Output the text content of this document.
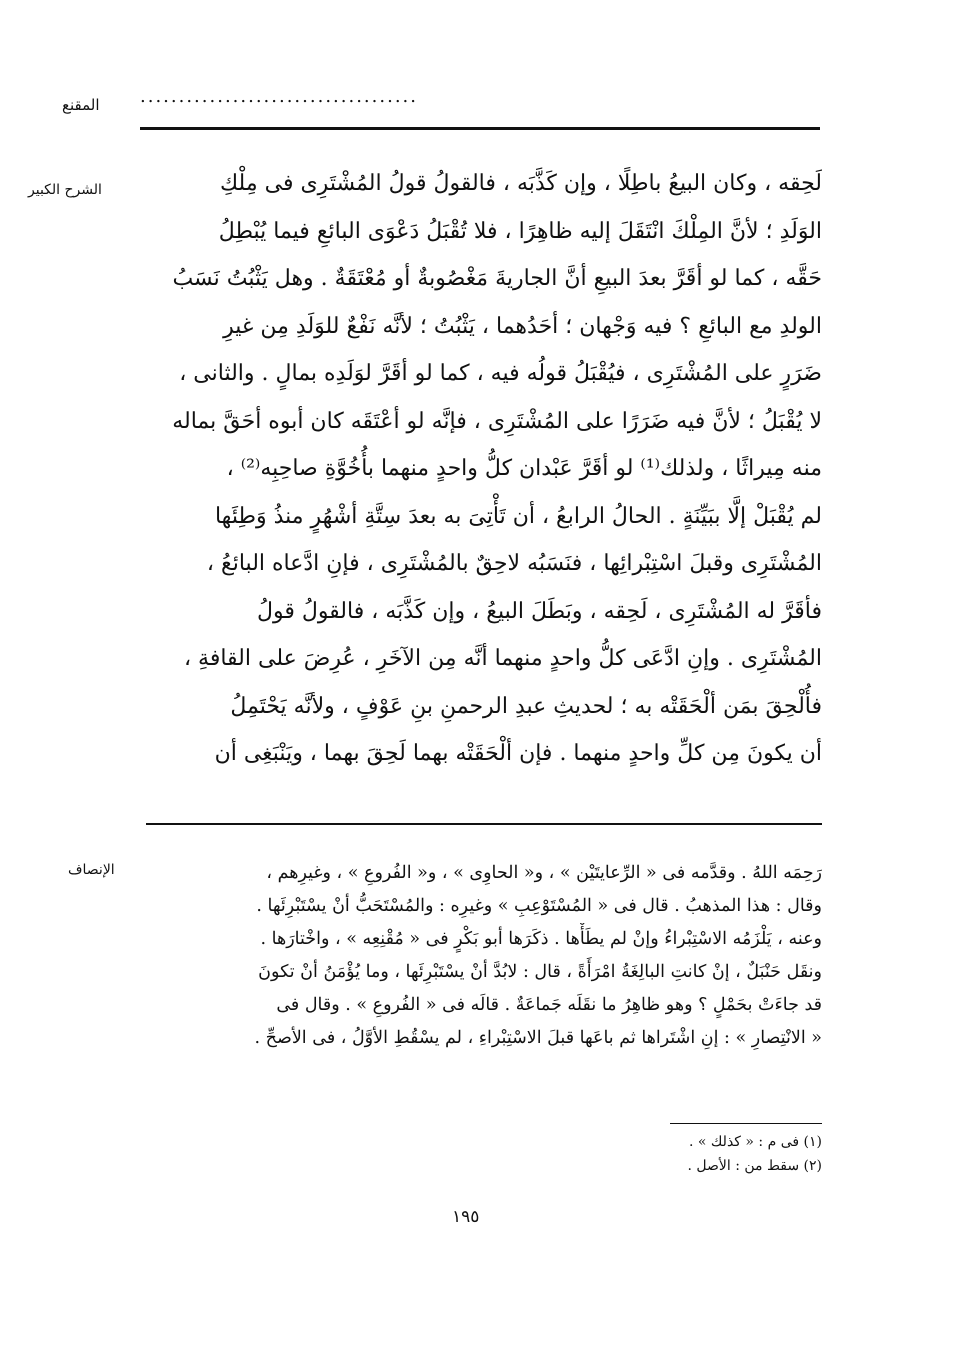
المقنع ....................................
الشرح الكبير	لَحِقه ، وكان البيعُ باطِلًا ، وإن كَذَّبَه ، فالقولُ قولُ المُشْتَرِى فى مِلْكِ
الوَلَدِ ؛ لأنَّ المِلْكَ انْتَقَلَ إليه ظاهِرًا ، فلا تُقْبَلُ دَعْوَى البائعِ فيما يُبْطِلُ
حَقَّه ، كما لو أقَرَّ بعدَ البيعِ أنَّ الجاريةَ مَغْصُوبةٌ أو مُعْتَقَةٌ . وهل يَثْبُتُ نَسَبُ
الولدِ مع البائعِ ؟ فيه وَجْهان ؛ أحَدُهما ، يَثْبُتُ ؛ لأنَّه نَفْعٌ للوَلَدِ مِن غيرِ
ضَرَرٍ على المُشْتَرِى ، فيُقْبَلُ قولُه فيه ، كما لو أقَرَّ لوَلَدِه بمالٍ . والثانى ،
لا يُقْبَلُ ؛ لأنَّ فيه ضَرَرًا على المُشْتَرِى ، فإنَّه لو أعْتَقَه كان أبوه أحَقَّ بماله
منه مِيراثًا ، ولذلك⁽¹⁾ لو أقَرَّ عَبْدان كلُّ واحدٍ منهما بأُخُوَّةِ صاحِبِه⁽²⁾ ،
لم يُقْبَلْ إلَّا ببَيِّنَةٍ . الحالُ الرابعُ ، أن تَأْتِىَ به بعدَ سِتَّةِ أشْهُرٍ منذُ وَطِئَها
المُشْتَرِى وقبلَ اسْتِبْرائِها ، فنَسَبُه لاحِقٌ بالمُشْتَرِى ، فإنِ ادَّعاه البائعُ ،
فأقَرَّ له المُشْتَرِى ، لَحِقه ، وبَطَلَ البيعُ ، وإن كَذَّبَه ، فالقولُ قولُ
المُشْتَرِى . وإنِ ادَّعَى كلُّ واحدٍ منهما أنَّه مِن الآخَرِ ، عُرِضَ على القافةِ ،
فأُلْحِقَ بمَن ألْحَقَتْه به ؛ لحديثِ عبدِ الرحمنِ بنِ عَوْفٍ ، ولأنَّه يَحْتَمِلُ
أن يكونَ مِن كلِّ واحدٍ منهما . فإن ألْحَقَتْه بهما لَحِقَ بهما ، ويَنْبَغِى أن
الإنصاف	رَحِمَه اللهُ . وقدَّمه فى « الرِّعايتَيْن » ، و« الحاوِى » ، و« الفُروعِ » ، وغيرِهم ،
وقال : هذا المذهبُ . قال فى « المُسْتَوْعِبِ » وغيرِه : والمُسْتَحَبُّ أنْ يسْتَبْرِئَها .
وعنه ، يَلْزَمُه الاسْتِبْراءُ وإنْ لم يطَأْها . ذكَرَها أبو بَكْرٍ فى « مُقْنِعِه » ، واخْتارَها .
ونقَل حَنْبَلٌ ، إنْ كانتِ البالِغَةُ امْرَأَةً ، قال : لابُدَّ أنْ يسْتَبْرِئَها ، وما يُؤْمَنُ أنْ تكونَ
قد جاءَتْ بحَمْلٍ ؟ وهو ظاهِرُ ما نقَلَه جَماعَةٌ . قالَه فى « الفُروعِ » . وقال فى
« الانْتِصارِ » : إنِ اشْتَراها ثم باعَها قبلَ الاسْتِبْراءِ ، لم يسْقُطِ الأوَّلُ ، فى الأصحِّ .
(١) فى م : « كذلك » .
(٢) سقط من : الأصل .
١٩٥
